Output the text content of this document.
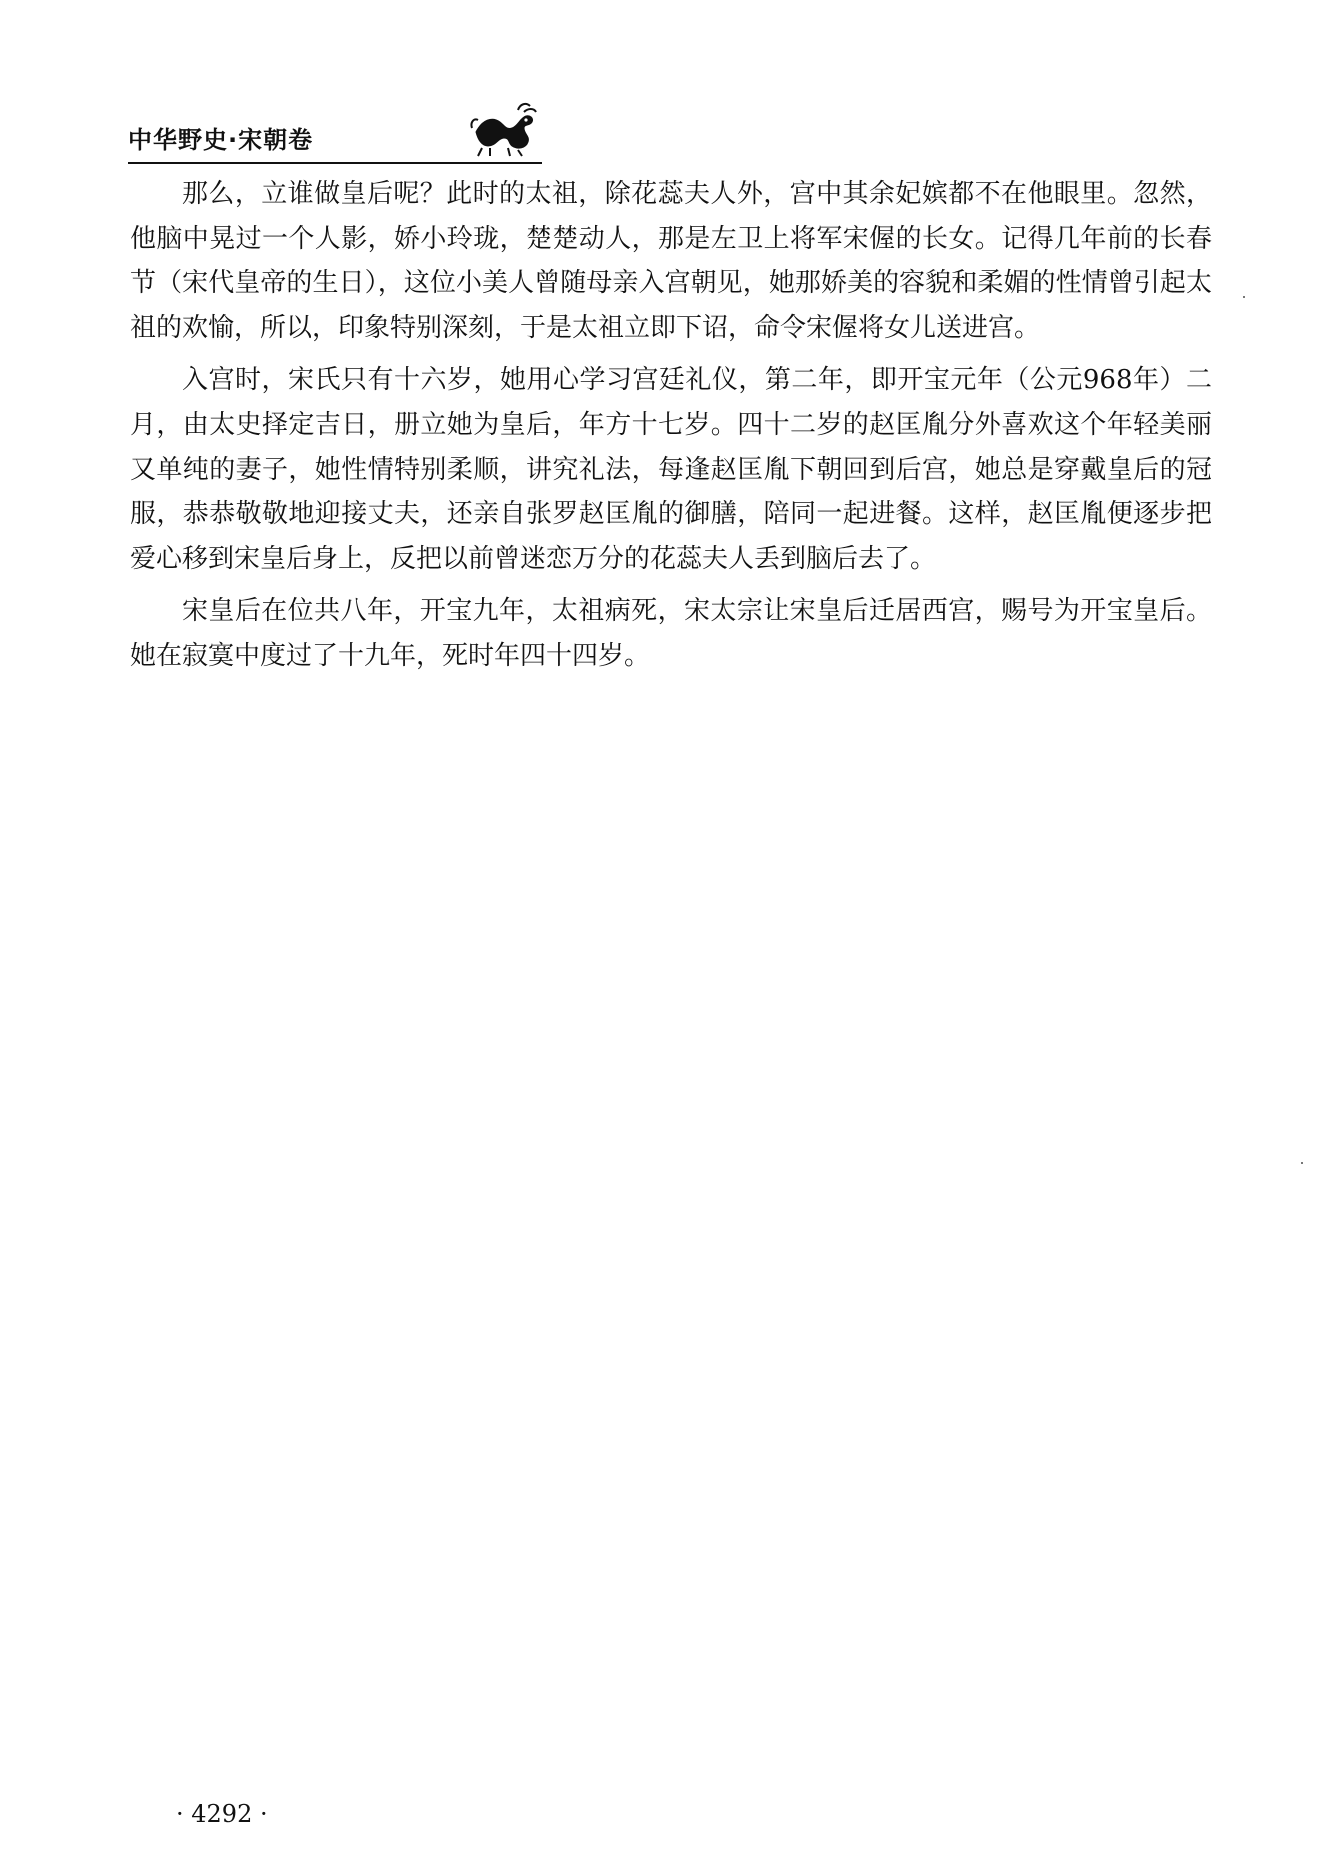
中华野史·宋朝卷

那么，立谁做皇后呢？此时的太祖，除花蕊夫人外，宫中其余妃嫔都不在他眼里。忽然，他脑中晃过一个人影，娇小玲珑，楚楚动人，那是左卫上将军宋偓的长女。记得几年前的长春节（宋代皇帝的生日），这位小美人曾随母亲入宫朝见，她那娇美的容貌和柔媚的性情曾引起太祖的欢愉，所以，印象特别深刻，于是太祖立即下诏，命令宋偓将女儿送进宫。

入宫时，宋氏只有十六岁，她用心学习宫廷礼仪，第二年，即开宝元年（公元968年）二月，由太史择定吉日，册立她为皇后，年方十七岁。四十二岁的赵匡胤分外喜欢这个年轻美丽又单纯的妻子，她性情特别柔顺，讲究礼法，每逢赵匡胤下朝回到后宫，她总是穿戴皇后的冠服，恭恭敬敬地迎接丈夫，还亲自张罗赵匡胤的御膳，陪同一起进餐。这样，赵匡胤便逐步把爱心移到宋皇后身上，反把以前曾迷恋万分的花蕊夫人丢到脑后去了。

宋皇后在位共八年，开宝九年，太祖病死，宋太宗让宋皇后迁居西宫，赐号为开宝皇后。她在寂寞中度过了十九年，死时年四十四岁。

· 4292 ·
